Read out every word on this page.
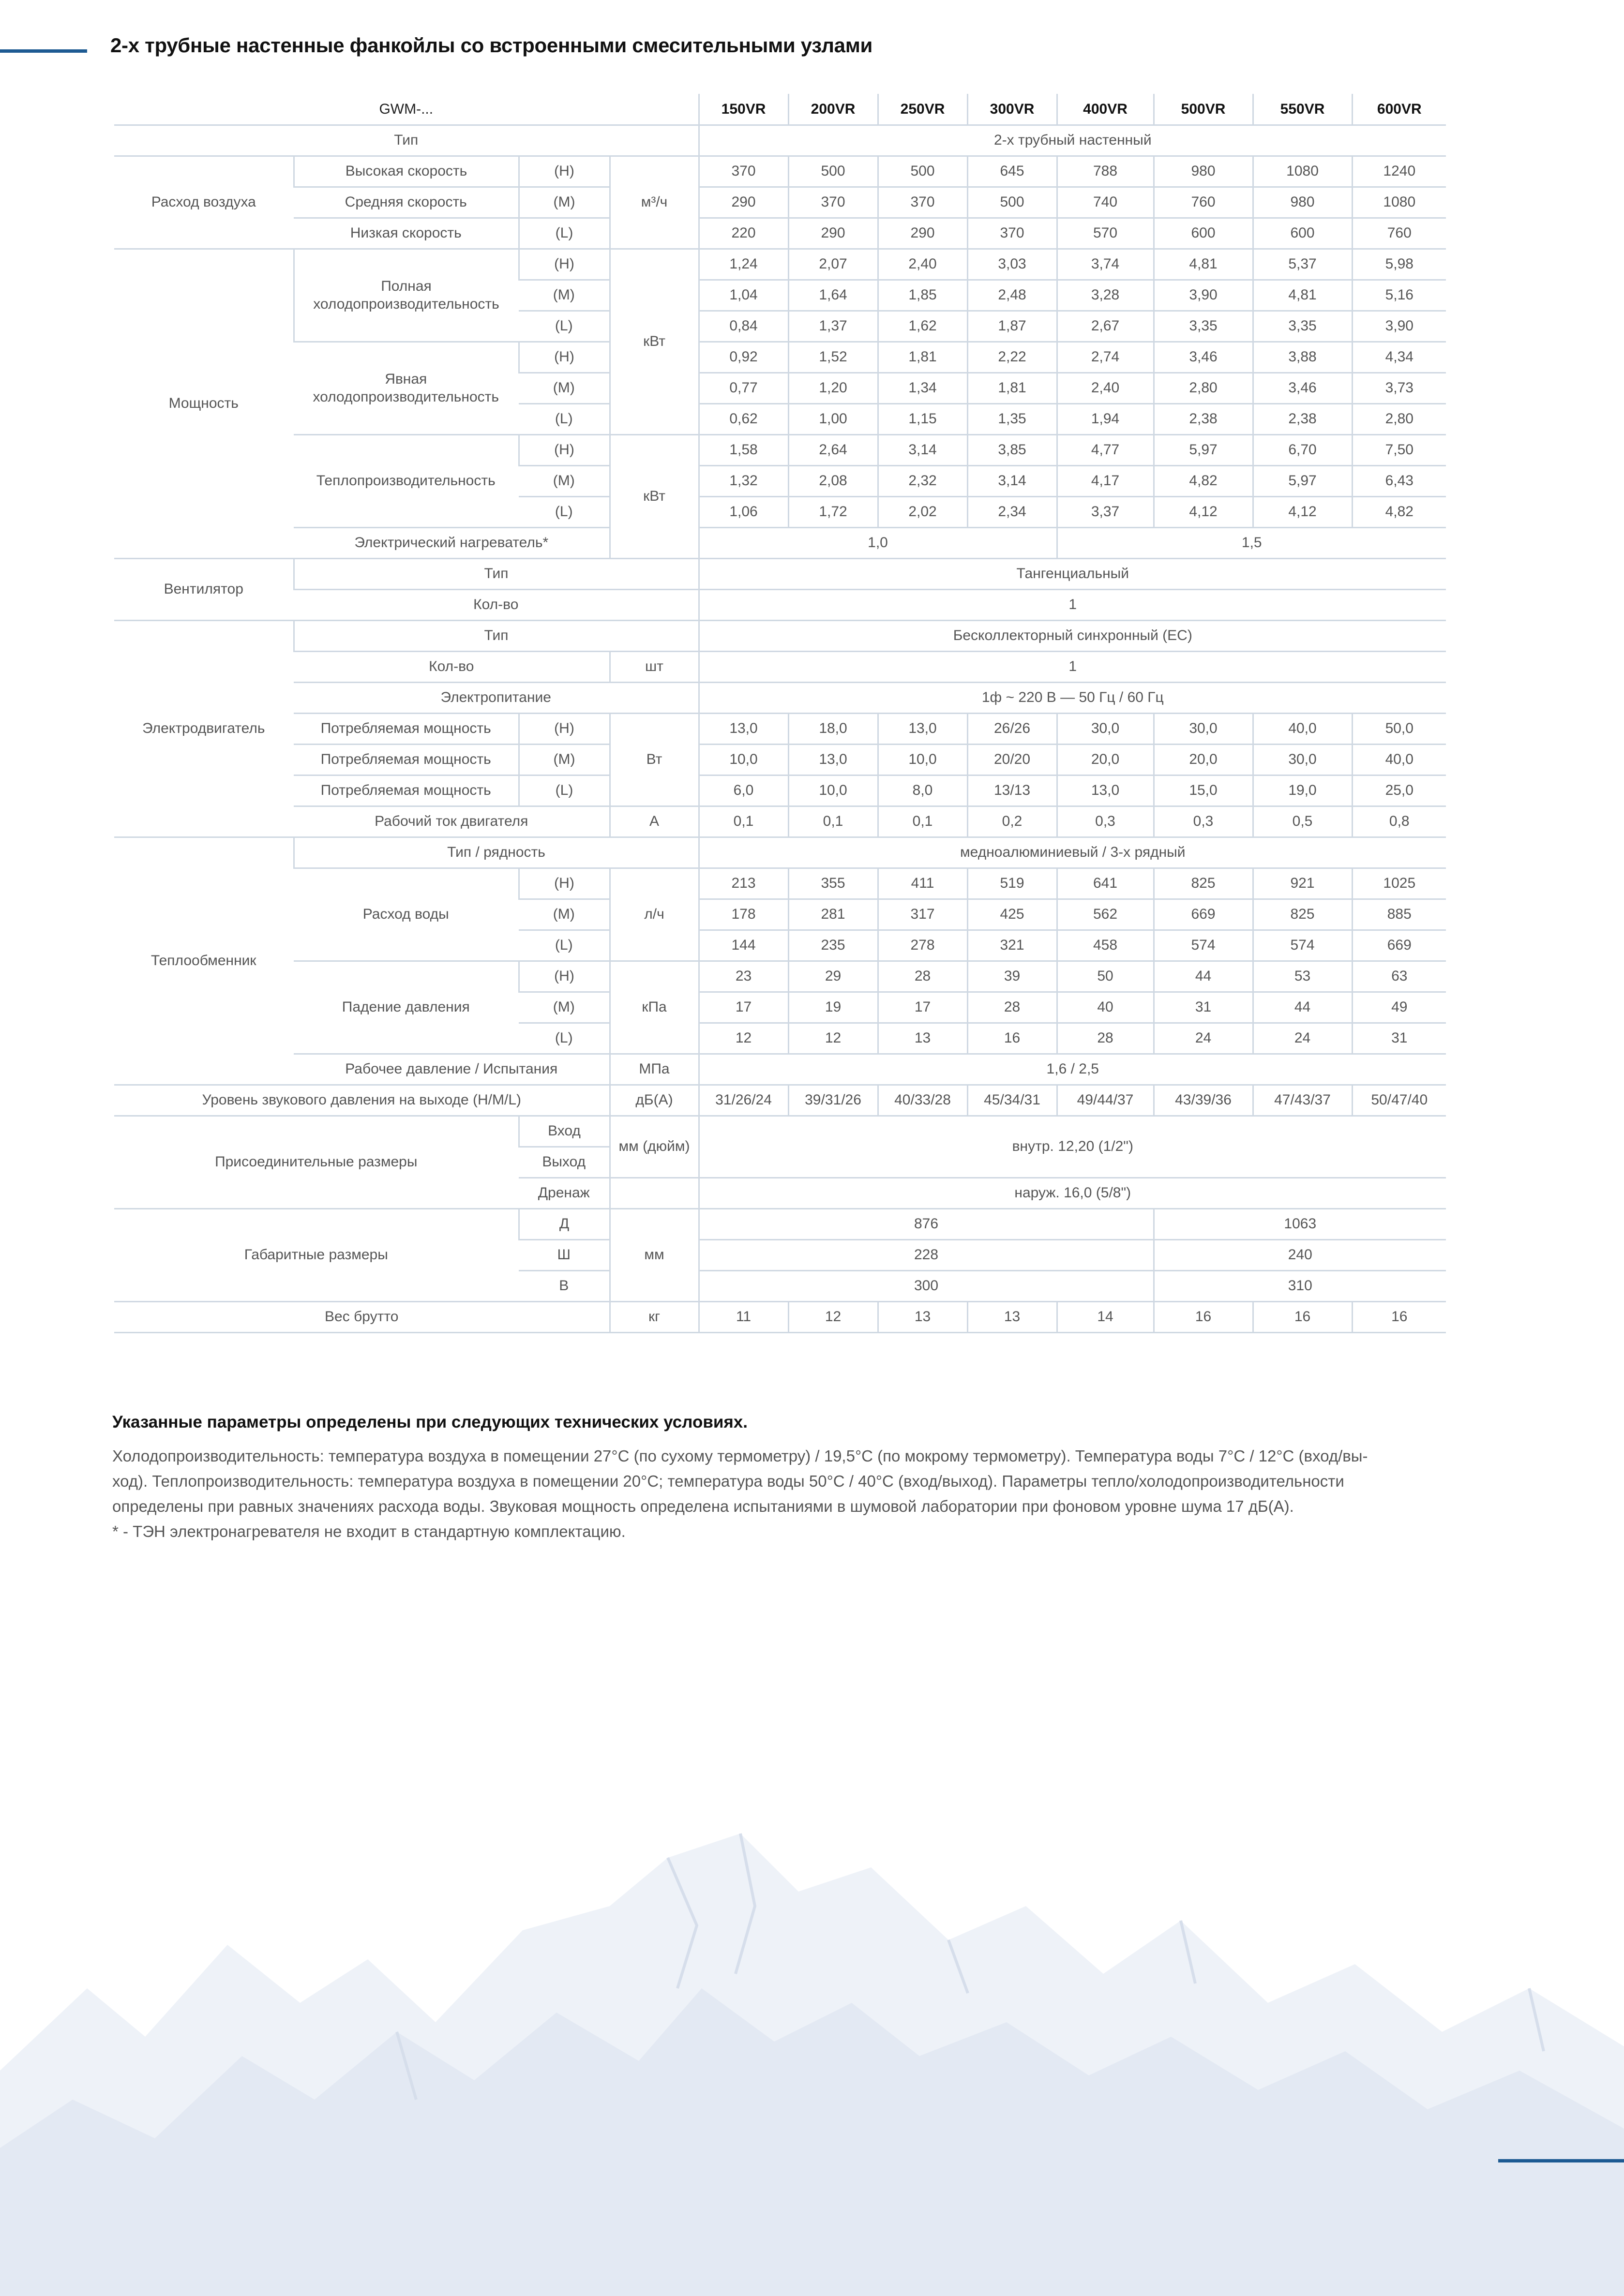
2-х трубные настенные фанкойлы со встроенными смесительными узлами
GWM-...				150VR	200VR	250VR	300VR	400VR	500VR	550VR	600VR
Тип				2-х трубный настенный							
Расход воздуха	Высокая скорость	(H)	м³/ч	370	500	500	645	788	980	1080	1240
	Средняя скорость	(M)		290	370	370	500	740	760	980	1080
	Низкая скорость	(L)		220	290	290	370	570	600	600	760
Мощность	Полная холодопроизводительность	(H)	кВт	1,24	2,07	2,40	3,03	3,74	4,81	5,37	5,98
		(M)		1,04	1,64	1,85	2,48	3,28	3,90	4,81	5,16
		(L)		0,84	1,37	1,62	1,87	2,67	3,35	3,35	3,90
	Явная холодопроизводительность	(H)		0,92	1,52	1,81	2,22	2,74	3,46	3,88	4,34
		(M)		0,77	1,20	1,34	1,81	2,40	2,80	3,46	3,73
		(L)		0,62	1,00	1,15	1,35	1,94	2,38	2,38	2,80
	Теплопроизводительность	(H)	кВт	1,58	2,64	3,14	3,85	4,77	5,97	6,70	7,50
		(M)		1,32	2,08	2,32	3,14	4,17	4,82	5,97	6,43
		(L)		1,06	1,72	2,02	2,34	3,37	4,12	4,12	4,82
	Электрический нагреватель*			1,0				1,5			
Вентилятор	Тип			Тангенциальный							
	Кол-во			1							
Электродвигатель	Тип			Бесколлекторный синхронный (ЕС)							
	Кол-во		шт	1							
	Электропитание			1ф ~ 220 В — 50 Гц / 60 Гц							
	Потребляемая мощность	(H)	Вт	13,0	18,0	13,0	26/26	30,0	30,0	40,0	50,0
	Потребляемая мощность	(M)		10,0	13,0	10,0	20/20	20,0	20,0	30,0	40,0
	Потребляемая мощность	(L)		6,0	10,0	8,0	13/13	13,0	15,0	19,0	25,0
	Рабочий ток двигателя		А	0,1	0,1	0,1	0,2	0,3	0,3	0,5	0,8
Теплообменник	Тип / рядность			медноалюминиевый / 3-х рядный							
	Расход воды	(H)	л/ч	213	355	411	519	641	825	921	1025
		(M)		178	281	317	425	562	669	825	885
		(L)		144	235	278	321	458	574	574	669
	Падение давления	(H)	кПа	23	29	28	39	50	44	53	63
		(M)		17	19	17	28	40	31	44	49
		(L)		12	12	13	16	28	24	24	31
	Рабочее давление / Испытания		МПа	1,6 / 2,5							
Уровень звукового давления на выходе (H/M/L)			дБ(А)	31/26/24	39/31/26	40/33/28	45/34/31	49/44/37	43/39/36	47/43/37	50/47/40
Присоединительные размеры		Вход	мм (дюйм)	внутр. 12,20 (1/2")							
		Выход									
		Дренаж		наруж. 16,0 (5/8")							
Габаритные размеры		Д	мм	876					1063		
		Ш		228					240		
		В		300					310		
Вес брутто			кг	11	12	13	13	14	16	16	16

Указанные параметры определены при следующих технических условиях.

Холодопроизводительность: температура воздуха в помещении 27°C (по сухому термометру) / 19,5°C (по мокрому термометру). Температура воды 7°C / 12°C (вход/вы-
ход). Теплопроизводительность: температура воздуха в помещении 20°C; температура воды 50°C / 40°C (вход/выход). Параметры тепло/холодопроизводительности
определены при равных значениях расхода воды. Звуковая мощность определена испытаниями в шумовой лаборатории при фоновом уровне шума 17 дБ(А).
* - ТЭН электронагревателя не входит в стандартную комплектацию.
